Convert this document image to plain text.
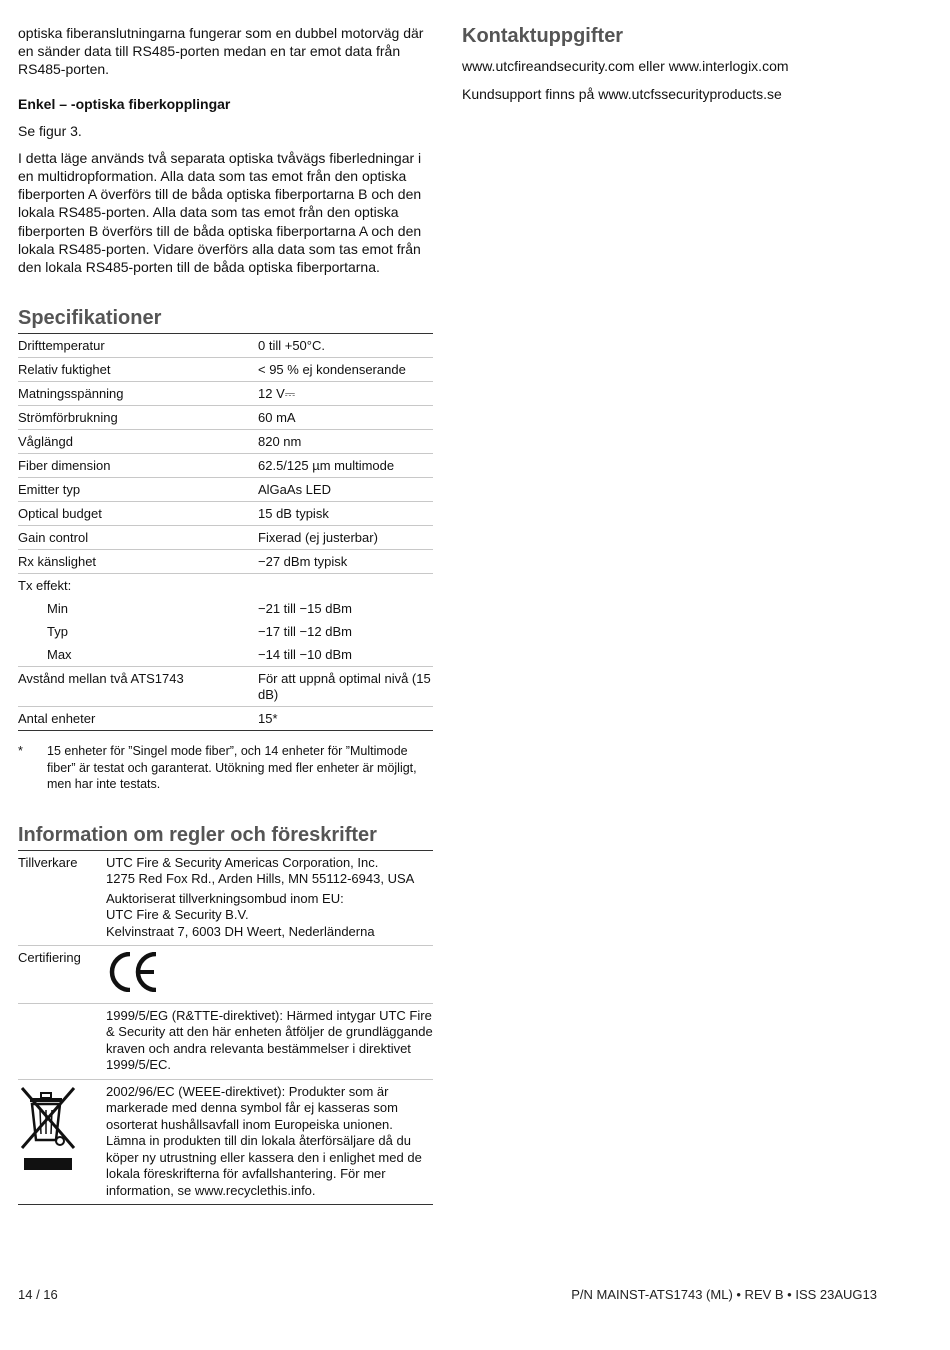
optiska fiberanslutningarna fungerar som en dubbel motorväg där en sänder data till RS485-porten medan en tar emot data från RS485-porten.

Enkel – -optiska fiberkopplingar

Se figur 3.

I detta läge används två separata optiska tvåvägs fiberledningar i en multidropformation. Alla data som tas emot från den optiska fiberporten A överförs till de båda optiska fiberportarna B och den lokala RS485-porten. Alla data som tas emot från den optiska fiberporten B överförs till de båda optiska fiberportarna A och den lokala RS485-porten. Vidare överförs alla data som tas emot från den lokala RS485-porten till de båda optiska fiberportarna.

Specifikationer
Drifttemperatur	0 till +50°C.
Relativ fuktighet	< 95 % ej kondenserande
Matningsspänning	12 V⎓
Strömförbrukning	60 mA
Våglängd	820 nm
Fiber dimension	62.5/125 µm multimode
Emitter typ	AlGaAs LED
Optical budget	15 dB typisk
Gain control	Fixerad (ej justerbar)
Rx känslighet	−27 dBm typisk
Tx effekt:	
Min	−21 till −15 dBm
Typ	−17 till −12 dBm
Max	−14 till −10 dBm
Avstånd mellan två ATS1743	För att uppnå optimal nivå (15 dB)
Antal enheter	15*
* 15 enheter för ”Singel mode fiber”, och 14 enheter för ”Multimode fiber” är testat och garanterat. Utökning med fler enheter är möjligt, men har inte testats.
Information om regler och föreskrifter
Tillverkare	UTC Fire & Security Americas Corporation, Inc.
1275 Red Fox Rd., Arden Hills, MN 55112-6943, USA
Auktoriserat tillverkningsombud inom EU:
UTC Fire & Security B.V.
Kelvinstraat 7, 6003 DH Weert, Nederländerna

Certifiering	
	1999/5/EG (R&TTE-direktivet): Härmed intygar UTC Fire & Security att den här enheten åtföljer de grundläggande kraven och andra relevanta bestämmelser i direktivet 1999/5/EC.
	2002/96/EC (WEEE-direktivet): Produkter som är markerade med denna symbol får ej kasseras som osorterat hushållsavfall inom Europeiska unionen. Lämna in produkten till din lokala återförsäljare då du köper ny utrustning eller kassera den i enlighet med de lokala föreskrifterna för avfallshantering. För mer information, se www.recyclethis.info.
Kontaktuppgifter
www.utcfireandsecurity.com eller www.interlogix.com
Kundsupport finns på www.utcfssecurityproducts.se
14 / 16	P/N MAINST-ATS1743 (ML) • REV B • ISS 23AUG13
